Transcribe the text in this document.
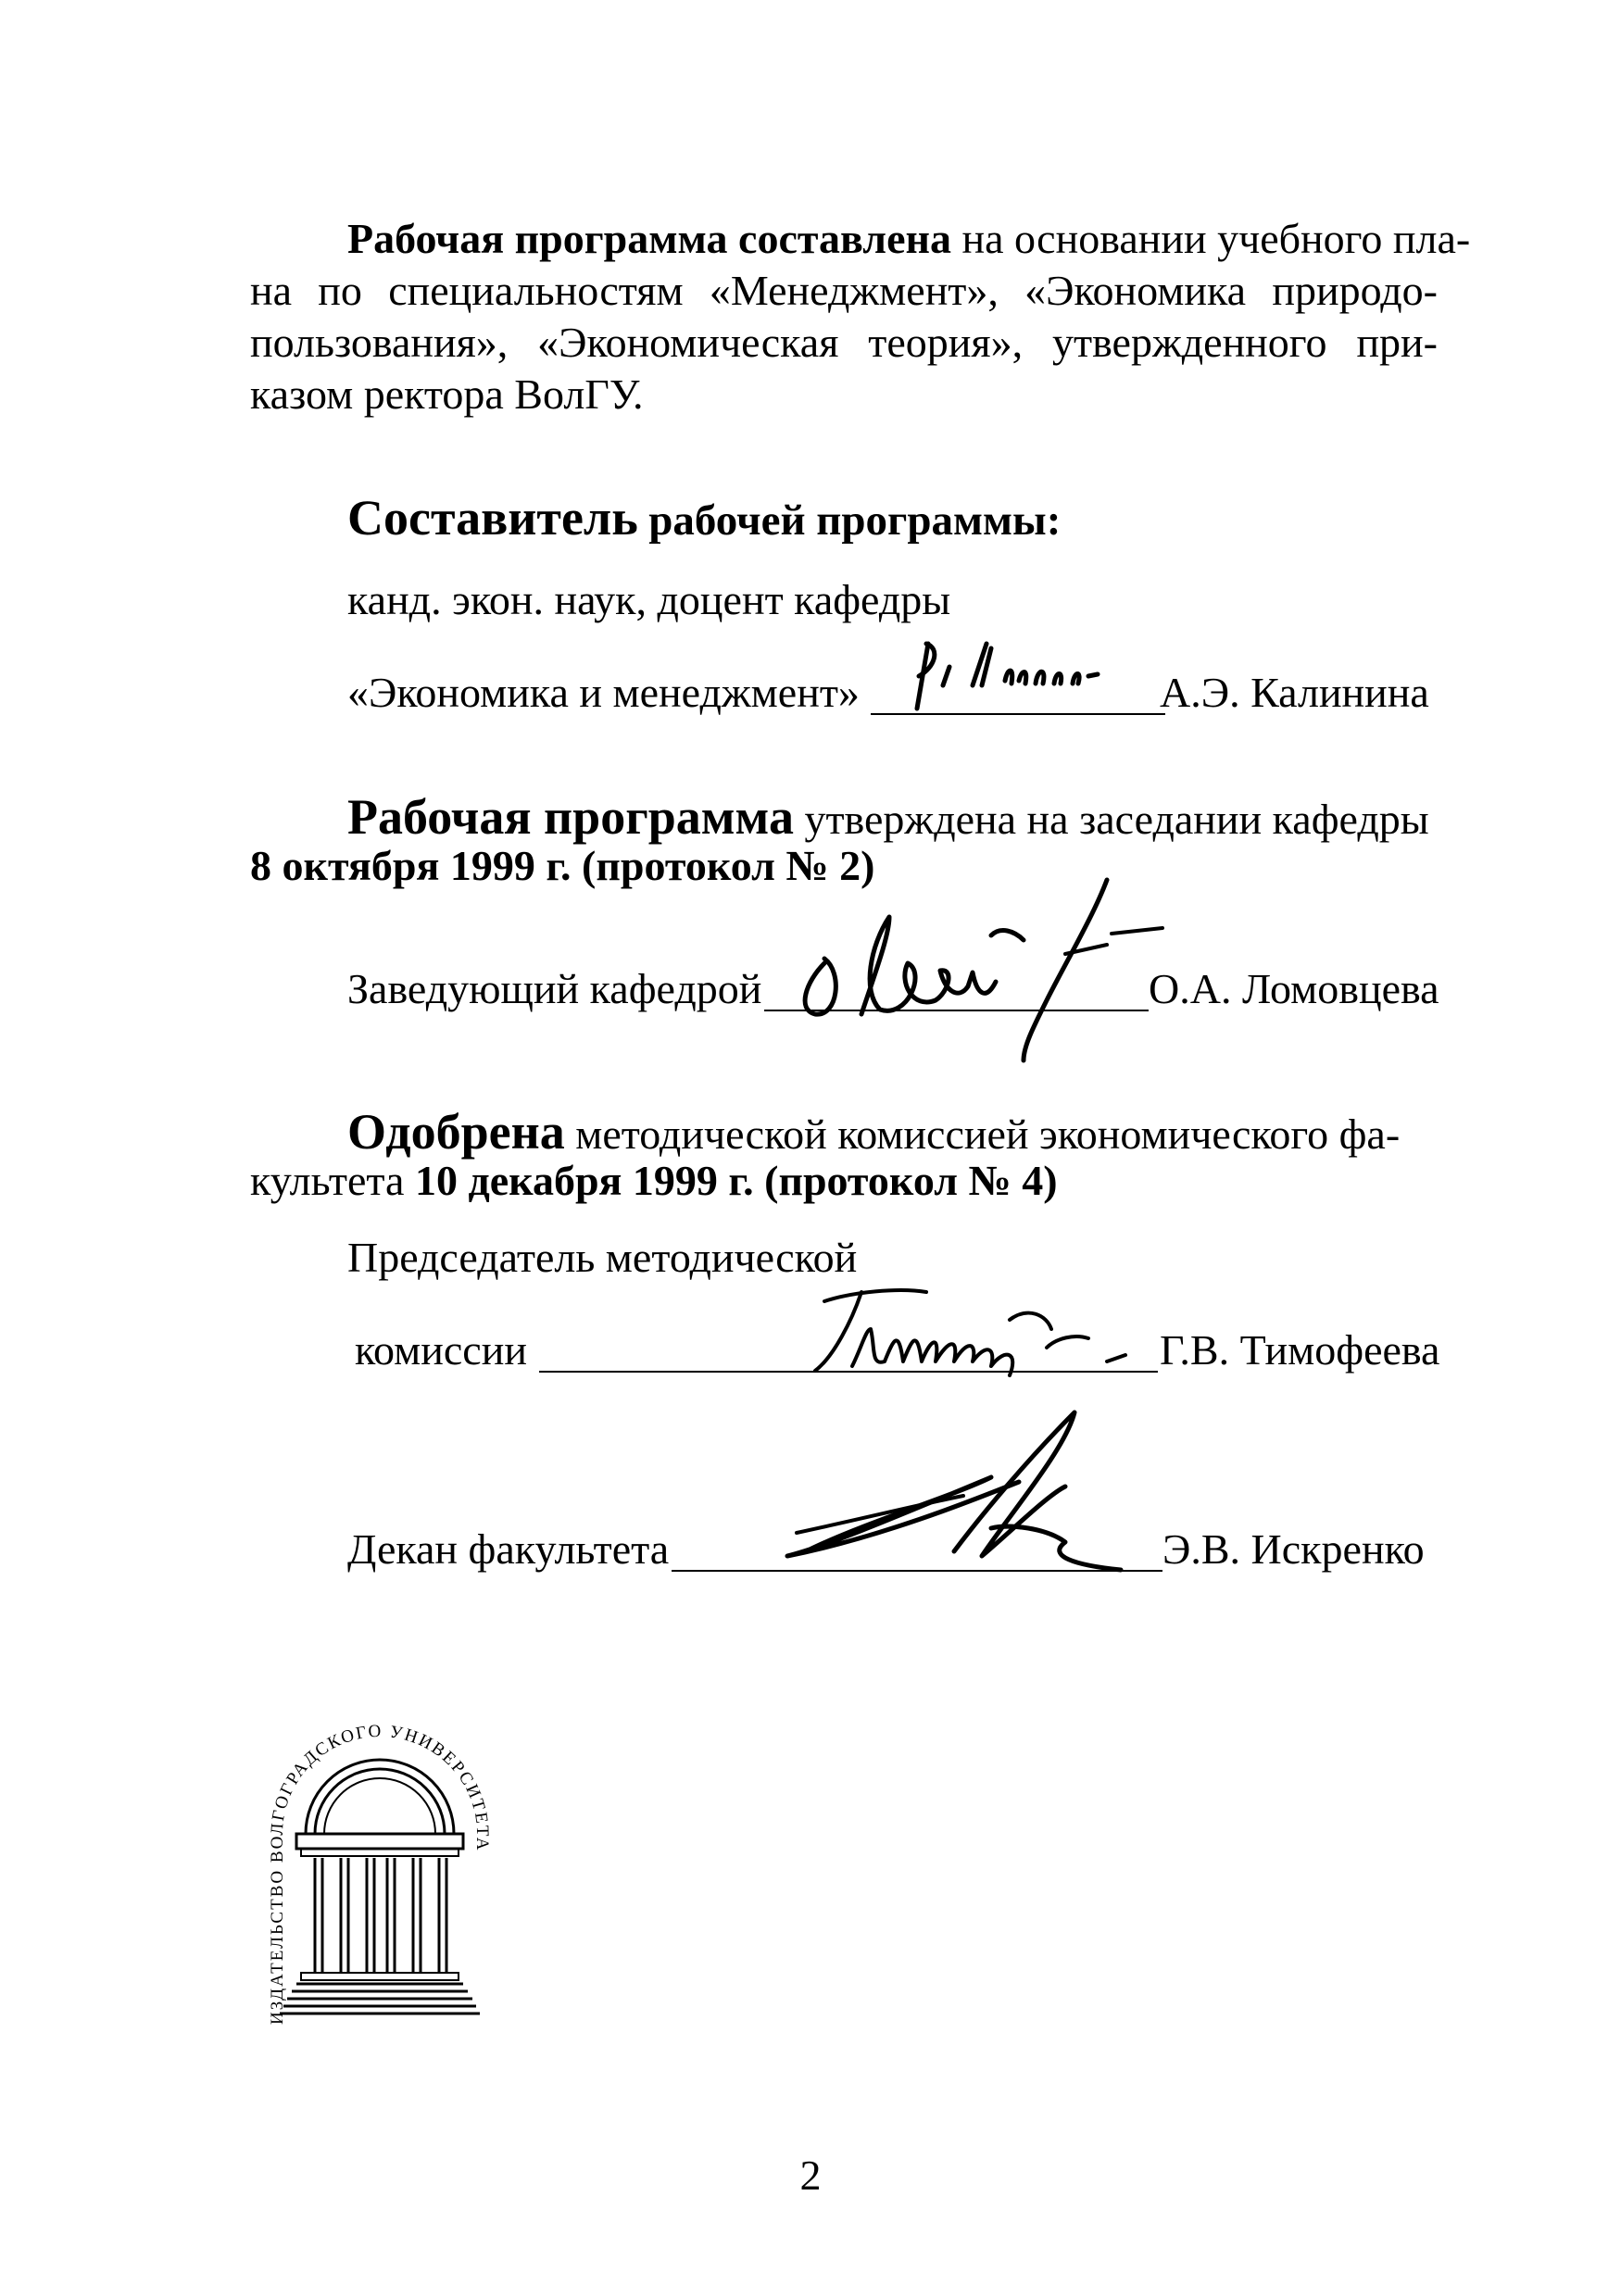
Рабочая программа составлена на основании учебного пла-
на по специальностям «Менеджмент», «Экономика природо-
пользования», «Экономическая теория», утвержденного при-
казом ректора ВолГУ.
Составитель рабочей программы:
канд. экон. наук, доцент кафедры
«Экономика и менеджмент»	А.Э. Калинина
Рабочая программа утверждена на заседании кафедры
8 октября 1999 г. (протокол № 2)
Заведующий кафедрой	О.А. Ломовцева
Одобрена методической комиссией экономического фа-
культета 10 декабря 1999 г. (протокол № 4)
Председатель методической
комиссии	Г.В. Тимофеева
Декан факультета	Э.В. Искренко
ИЗДАТЕЛЬСТВО ВОЛГОГРАДСКОГО УНИВЕРСИТЕТА
2
